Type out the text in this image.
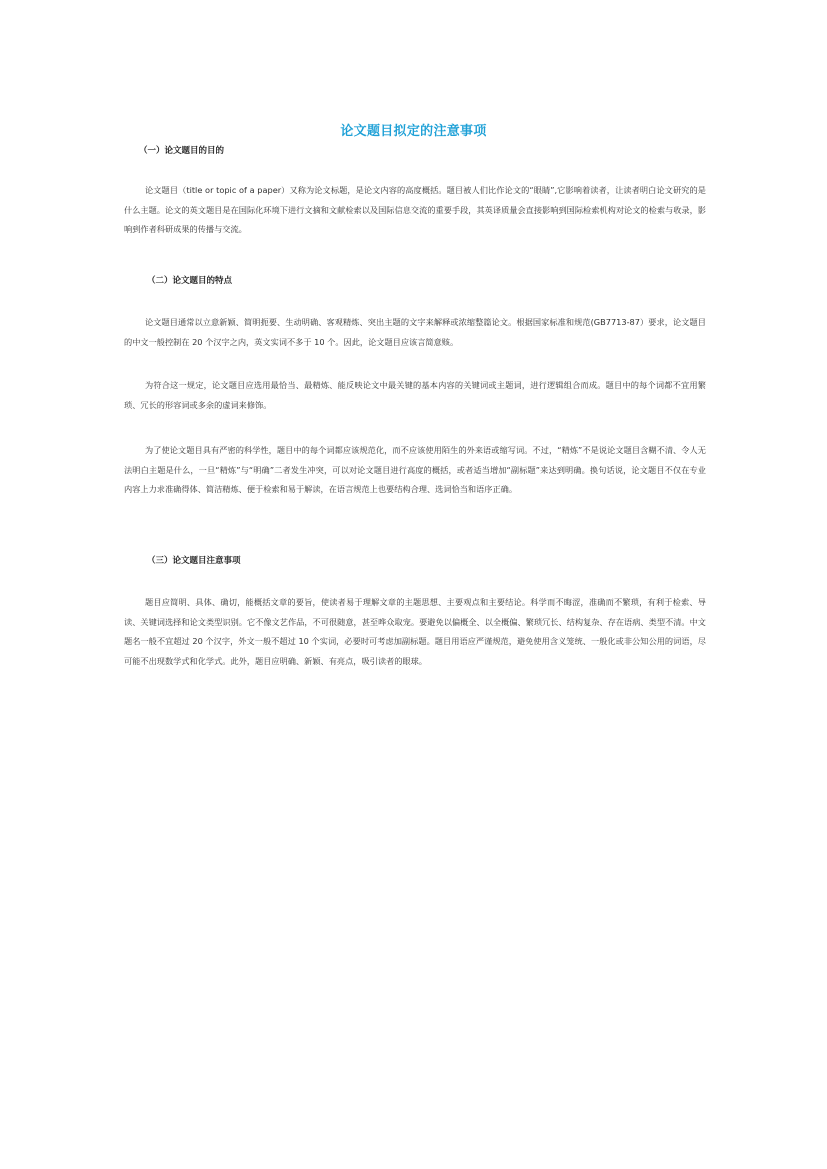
论文题目拟定的注意事项
（一）论文题目的目的

论文题目（title or topic of a paper）又称为论文标题，是论文内容的高度概括。题目被人们比作论文的“眼睛”,它影响着读者，让读者明白论文研究的是什么主题。论文的英文题目是在国际化环境下进行文摘和文献检索以及国际信息交流的重要手段，其英译质量会直接影响到国际检索机构对论文的检索与收录，影响到作者科研成果的传播与交流。

（二）论文题目的特点

论文题目通常以立意新颖、简明扼要、生动明确、客观精炼、突出主题的文字来解释或浓缩整篇论文。根据国家标准和规范(GB7713-87）要求，论文题目的中文一般控制在 20 个汉字之内，英文实词不多于 10 个。因此，论文题目应该言简意赅。

为符合这一规定，论文题目应选用最恰当、最精炼、能反映论文中最关键的基本内容的关键词或主题词，进行逻辑组合而成。题目中的每个词都不宜用繁琐、冗长的形容词或多余的虚词来修饰。

为了使论文题目具有严密的科学性，题目中的每个词都应该规范化，而不应该使用陌生的外来语或缩写词。不过，“精炼”不是说论文题目含糊不清、令人无法明白主题是什么，一旦“精炼”与“明确”二者发生冲突，可以对论文题目进行高度的概括，或者适当增加“副标题”来达到明确。换句话说，论文题目不仅在专业内容上力求准确得体、简洁精炼、便于检索和易于解读，在语言规范上也要结构合理、选词恰当和语序正确。

（三）论文题目注意事项

题目应简明、具体、确切，能概括文章的要旨，使读者易于理解文章的主题思想、主要观点和主要结论。科学而不晦涩，准确而不繁琐，有利于检索、导读、关键词选择和论文类型识别。它不像文艺作品，不可很随意，甚至哗众取宠。要避免以偏概全、以全概偏、繁琐冗长、结构复杂、存在语病、类型不清。中文题名一般不宜超过 20 个汉字，外文一般不超过 10 个实词，必要时可考虑加副标题。题目用语应严谨规范，避免使用含义笼统、一般化或非公知公用的词语，尽可能不出现数学式和化学式。此外，题目应明确、新颖、有亮点，吸引读者的眼球。
